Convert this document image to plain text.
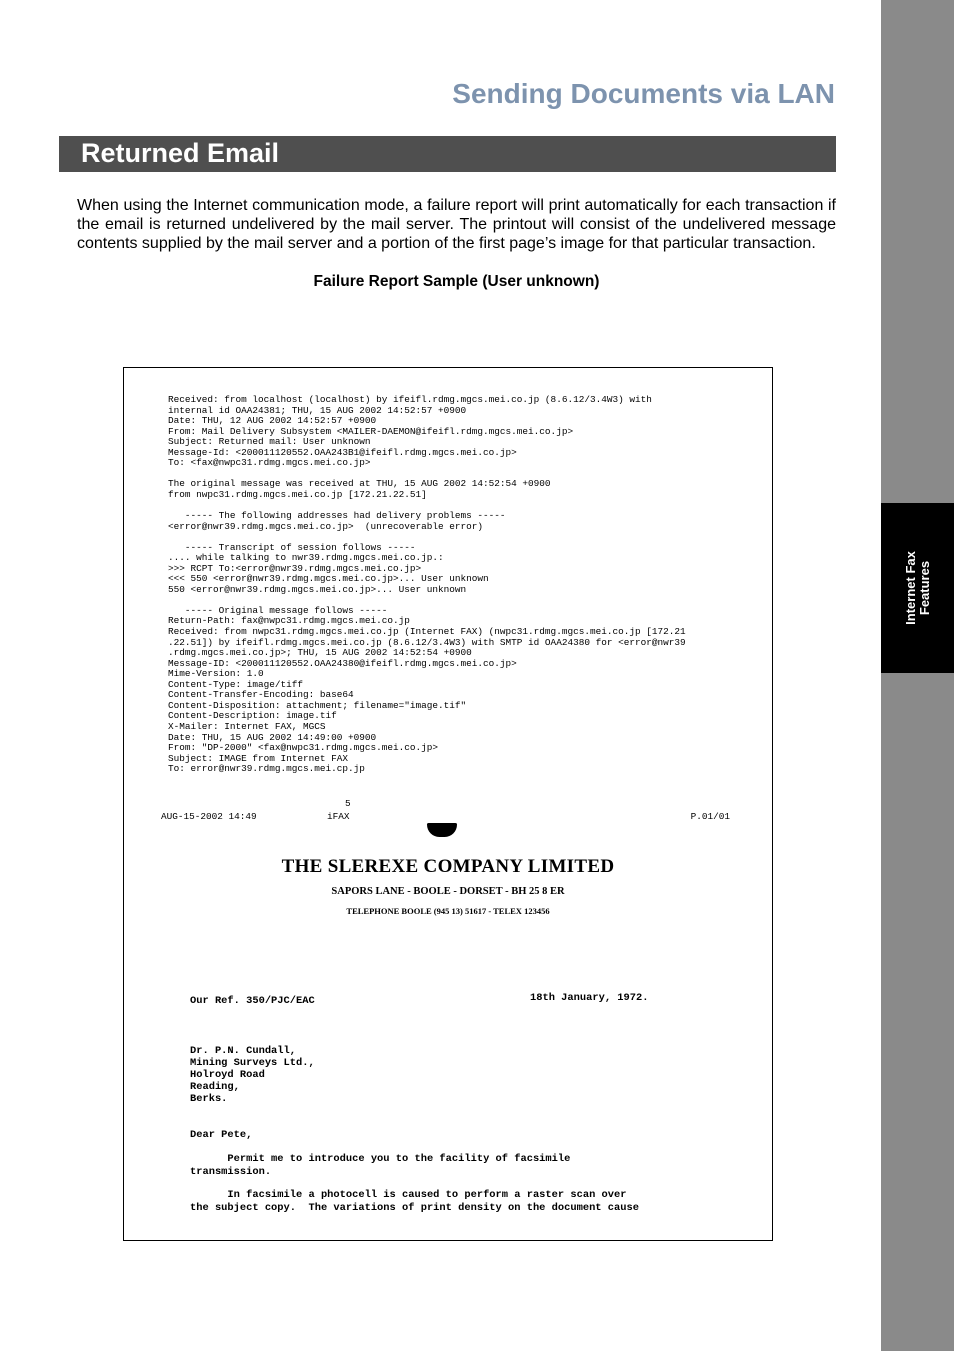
Internet Fax Features
Sending Documents via LAN
Returned Email

When using the Internet communication mode, a failure report will print automatically for each transaction if the email is returned undelivered by the mail server. The printout will consist of the undelivered message contents supplied by the mail server and a portion of the first page’s image for that particular transaction.

Failure Report Sample (User unknown)
Received: from localhost (localhost) by ifeifl.rdmg.mgcs.mei.co.jp (8.6.12/3.4W3) with
internal id OAA24381; THU, 15 AUG 2002 14:52:57 +0900
Date: THU, 12 AUG 2002 14:52:57 +0900
From: Mail Delivery Subsystem <MAILER-DAEMON@ifeifl.rdmg.mgcs.mei.co.jp>
Subject: Returned mail: User unknown
Message-Id: <200011120552.OAA243B1@ifeifl.rdmg.mgcs.mei.co.jp>
To: <fax@nwpc31.rdmg.mgcs.mei.co.jp>

The original message was received at THU, 15 AUG 2002 14:52:54 +0900
from nwpc31.rdmg.mgcs.mei.co.jp [172.21.22.51]

----- The following addresses had delivery problems -----
<error@nwr39.rdmg.mgcs.mei.co.jp>  (unrecoverable error)

----- Transcript of session follows -----
.... while talking to nwr39.rdmg.mgcs.mei.co.jp.:
>>> RCPT To:<error@nwr39.rdmg.mgcs.mei.co.jp>
<<< 550 <error@nwr39.rdmg.mgcs.mei.co.jp>... User unknown
550 <error@nwr39.rdmg.mgcs.mei.co.jp>... User unknown

----- Original message follows -----
Return-Path: fax@nwpc31.rdmg.mgcs.mei.co.jp
Received: from nwpc31.rdmg.mgcs.mei.co.jp (Internet FAX) (nwpc31.rdmg.mgcs.mei.co.jp [172.21
.22.51]) by ifeifl.rdmg.mgcs.mei.co.jp (8.6.12/3.4W3) with SMTP id OAA24380 for <error@nwr39
.rdmg.mgcs.mei.co.jp>; THU, 15 AUG 2002 14:52:54 +0900
Message-ID: <200011120552.OAA24380@ifeifl.rdmg.mgcs.mei.co.jp>
Mime-Version: 1.0
Content-Type: image/tiff
Content-Transfer-Encoding: base64
Content-Disposition: attachment; filename="image.tif"
Content-Description: image.tif
X-Mailer: Internet FAX, MGCS
Date: THU, 15 AUG 2002 14:49:00 +0900
From: "DP-2000" <fax@nwpc31.rdmg.mgcs.mei.co.jp>
Subject: IMAGE from Internet FAX
To: error@nwr39.rdmg.mgcs.mei.cp.jp
5
AUG-15-2002 14:49	iFAX	P.01/01
THE SLEREXE COMPANY LIMITED
SAPORS LANE - BOOLE - DORSET - BH 25 8 ER
TELEPHONE BOOLE (945 13) 51617 - TELEX 123456
Our Ref. 350/PJC/EAC	18th January, 1972.
Dr. P.N. Cundall,
Mining Surveys Ltd.,
Holroyd Road
Reading,
Berks.
Dear Pete,
Permit me to introduce you to the facility of facsimile
transmission.
In facsimile a photocell is caused to perform a raster scan over
the subject copy.  The variations of print density on the document cause
